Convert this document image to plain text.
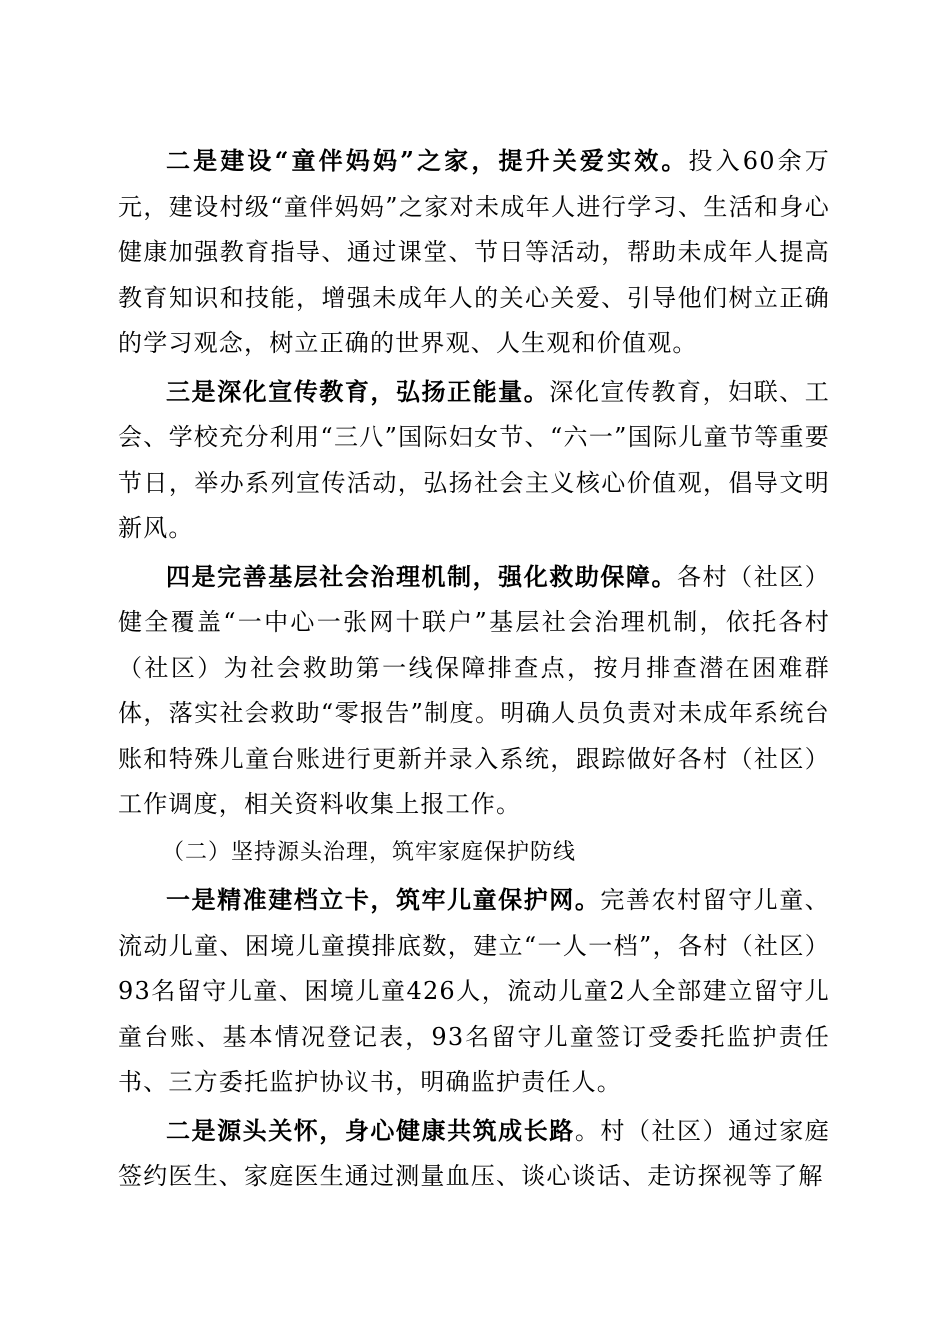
二是建设“童伴妈妈”之家，提升关爱实效。投入60余万元，建设村级“童伴妈妈”之家对未成年人进行学习、生活和身心健康加强教育指导、通过课堂、节日等活动，帮助未成年人提高教育知识和技能，增强未成年人的关心关爱、引导他们树立正确的学习观念，树立正确的世界观、人生观和价值观。

三是深化宣传教育，弘扬正能量。深化宣传教育，妇联、工会、学校充分利用“三八”国际妇女节、“六一”国际儿童节等重要节日，举办系列宣传活动，弘扬社会主义核心价值观，倡导文明新风。

四是完善基层社会治理机制，强化救助保障。各村（社区）健全覆盖“一中心一张网十联户”基层社会治理机制，依托各村（社区）为社会救助第一线保障排查点，按月排查潜在困难群体，落实社会救助“零报告”制度。明确人员负责对未成年系统台账和特殊儿童台账进行更新并录入系统，跟踪做好各村（社区）工作调度，相关资料收集上报工作。

（二）坚持源头治理，筑牢家庭保护防线

一是精准建档立卡，筑牢儿童保护网。完善农村留守儿童、流动儿童、困境儿童摸排底数，建立“一人一档”，各村（社区）93名留守儿童、困境儿童426人，流动儿童2人全部建立留守儿童台账、基本情况登记表，93名留守儿童签订受委托监护责任书、三方委托监护协议书，明确监护责任人。

二是源头关怀，身心健康共筑成长路。村（社区）通过家庭签约医生、家庭医生通过测量血压、谈心谈话、走访探视等了解
